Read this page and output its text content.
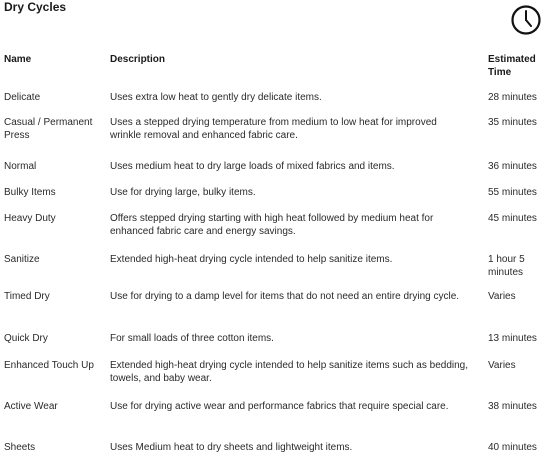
Dry Cycles
Name	Description	Estimated Time
Delicate	Uses extra low heat to gently dry delicate items.	28 minutes
Casual / Permanent Press	Uses a stepped drying temperature from medium to low heat for improved wrinkle removal and enhanced fabric care.	35 minutes
Normal	Uses medium heat to dry large loads of mixed fabrics and items.	36 minutes
Bulky Items	Use for drying large, bulky items.	55 minutes
Heavy Duty	Offers stepped drying starting with high heat followed by medium heat for enhanced fabric care and energy savings.	45 minutes
Sanitize	Extended high-heat drying cycle intended to help sanitize items.	1 hour 5 minutes
Timed Dry	Use for drying to a damp level for items that do not need an entire drying cycle.	Varies
Quick Dry	For small loads of three cotton items.	13 minutes
Enhanced Touch Up	Extended high-heat drying cycle intended to help sanitize items such as bedding, towels, and baby wear.	Varies
Active Wear	Use for drying active wear and performance fabrics that require special care.	38 minutes
Sheets	Uses Medium heat to dry sheets and lightweight items.	40 minutes
